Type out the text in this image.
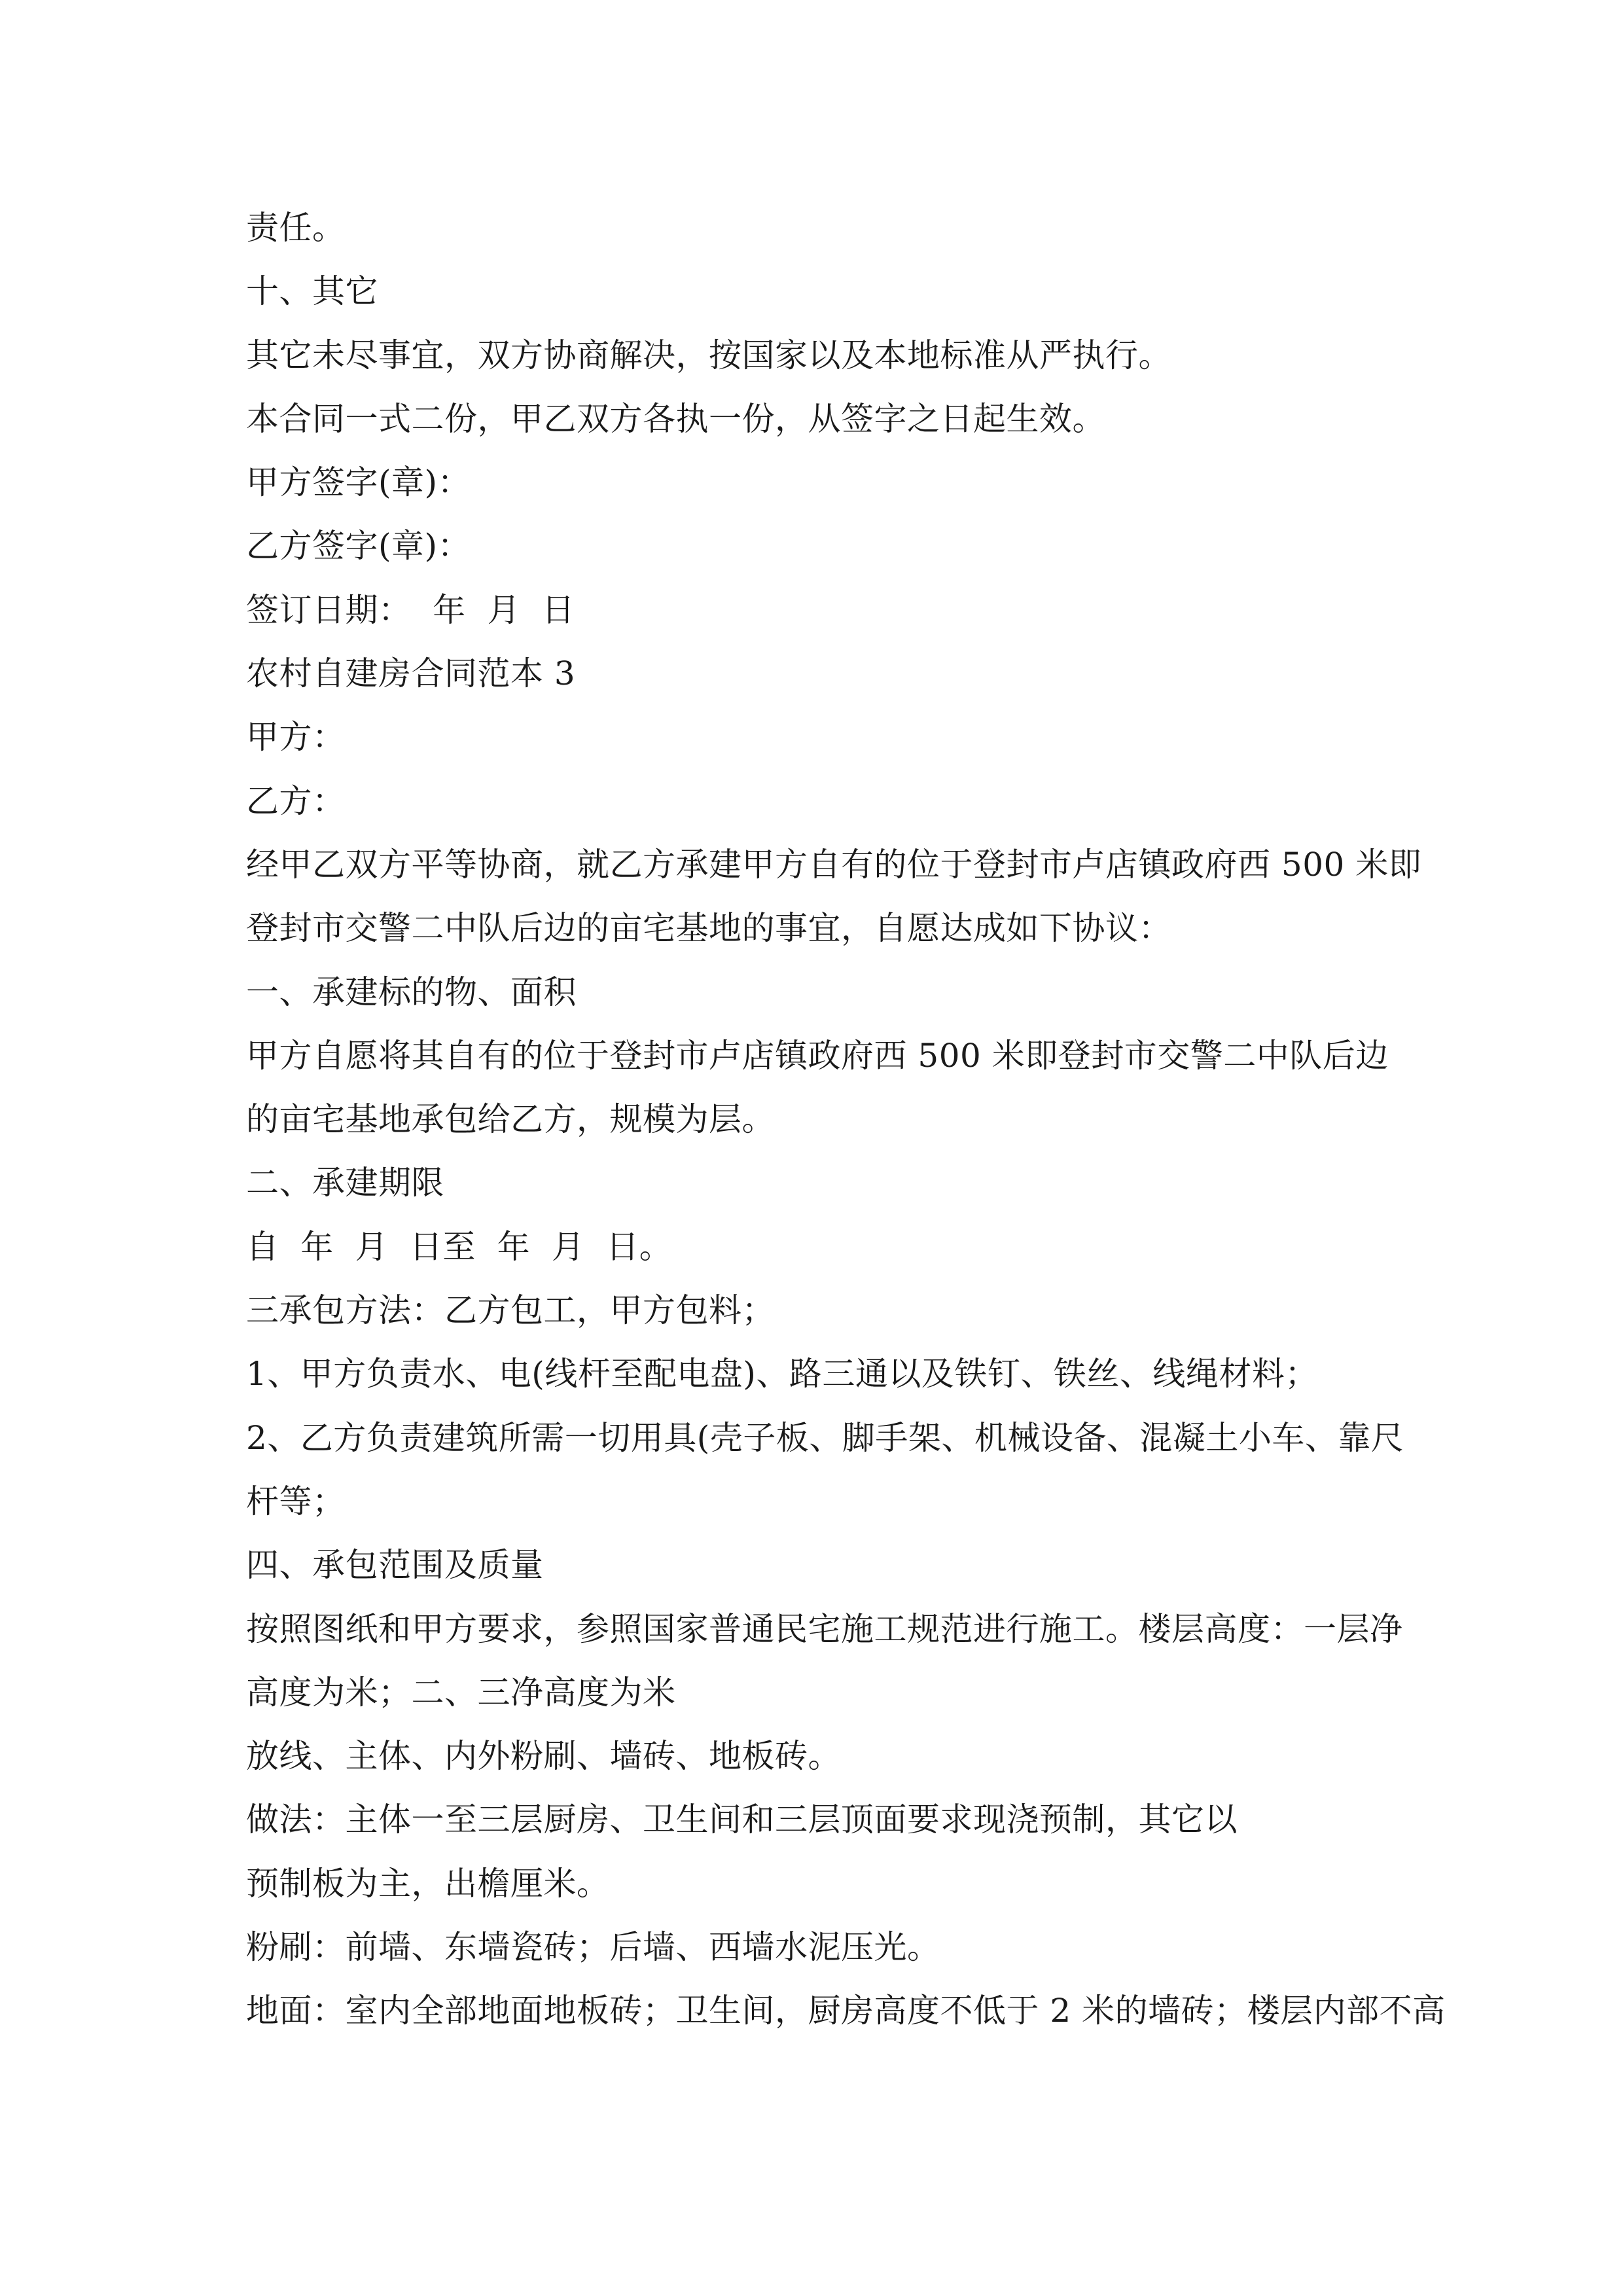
责任。
十、其它
其它未尽事宜，双方协商解决，按国家以及本地标准从严执行。
本合同一式二份，甲乙双方各执一份，从签字之日起生效。
甲方签字(章)：
乙方签字(章)：
签订日期：  年  月  日
农村自建房合同范本 3
甲方：
乙方：
经甲乙双方平等协商，就乙方承建甲方自有的位于登封市卢店镇政府西 500 米即
登封市交警二中队后边的亩宅基地的事宜，自愿达成如下协议：
一、承建标的物、面积
甲方自愿将其自有的位于登封市卢店镇政府西 500 米即登封市交警二中队后边
的亩宅基地承包给乙方，规模为层。
二、承建期限
自  年  月  日至  年  月  日。
三承包方法：乙方包工，甲方包料；
1、甲方负责水、电(线杆至配电盘)、路三通以及铁钉、铁丝、线绳材料；
2、乙方负责建筑所需一切用具(壳子板、脚手架、机械设备、混凝土小车、靠尺
杆等；
四、承包范围及质量
按照图纸和甲方要求，参照国家普通民宅施工规范进行施工。楼层高度：一层净
高度为米；二、三净高度为米
放线、主体、内外粉刷、墙砖、地板砖。
做法：主体一至三层厨房、卫生间和三层顶面要求现浇预制，其它以
预制板为主，出檐厘米。
粉刷：前墙、东墙瓷砖；后墙、西墙水泥压光。
地面：室内全部地面地板砖；卫生间，厨房高度不低于 2 米的墙砖；楼层内部不高
